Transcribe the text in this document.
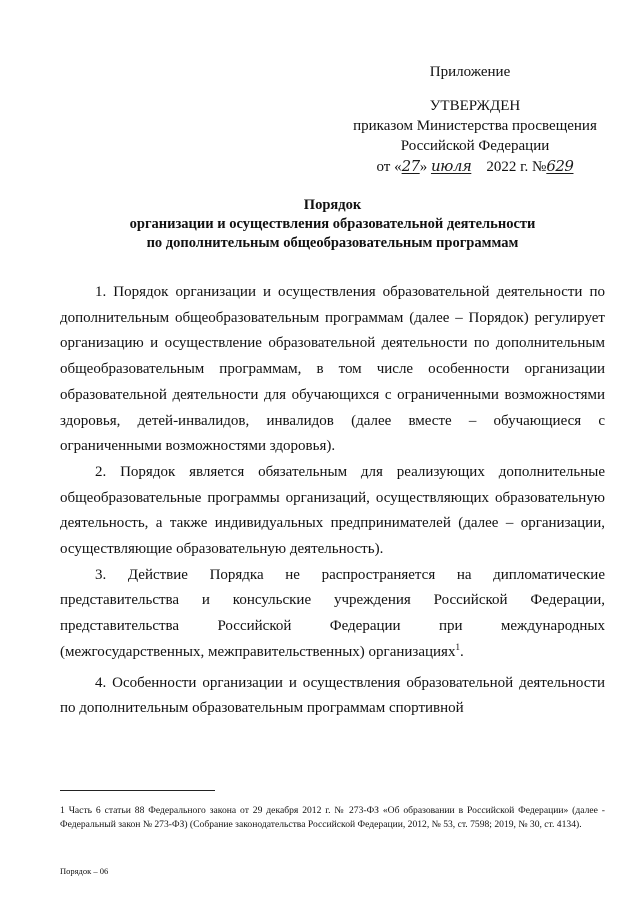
Приложение
УТВЕРЖДЕН
приказом Министерства просвещения
Российской Федерации
от «27» июля 2022 г. №629
Порядок
организации и осуществления образовательной деятельности
по дополнительным общеобразовательным программам

1. Порядок организации и осуществления образовательной деятельности по дополнительным общеобразовательным программам (далее – Порядок) регулирует организацию и осуществление образовательной деятельности по дополнительным общеобразовательным программам, в том числе особенности организации образовательной деятельности для обучающихся с ограниченными возможностями здоровья, детей-инвалидов, инвалидов (далее вместе – обучающиеся с ограниченными возможностями здоровья).

2. Порядок является обязательным для реализующих дополнительные общеобразовательные программы организаций, осуществляющих образовательную деятельность, а также индивидуальных предпринимателей (далее – организации, осуществляющие образовательную деятельность).

3. Действие Порядка не распространяется на дипломатические представительства и консульские учреждения Российской Федерации, представительства Российской Федерации при международных (межгосударственных, межправительственных) организациях$^1$.

4. Особенности организации и осуществления образовательной деятельности по дополнительным образовательным программам спортивной

1 Часть 6 статьи 88 Федерального закона от 29 декабря 2012 г. № 273-ФЗ «Об образовании в Российской Федерации» (далее - Федеральный закон № 273-ФЗ) (Собрание законодательства Российской Федерации, 2012, № 53, ст. 7598; 2019, № 30, ст. 4134).
Порядок – 06
